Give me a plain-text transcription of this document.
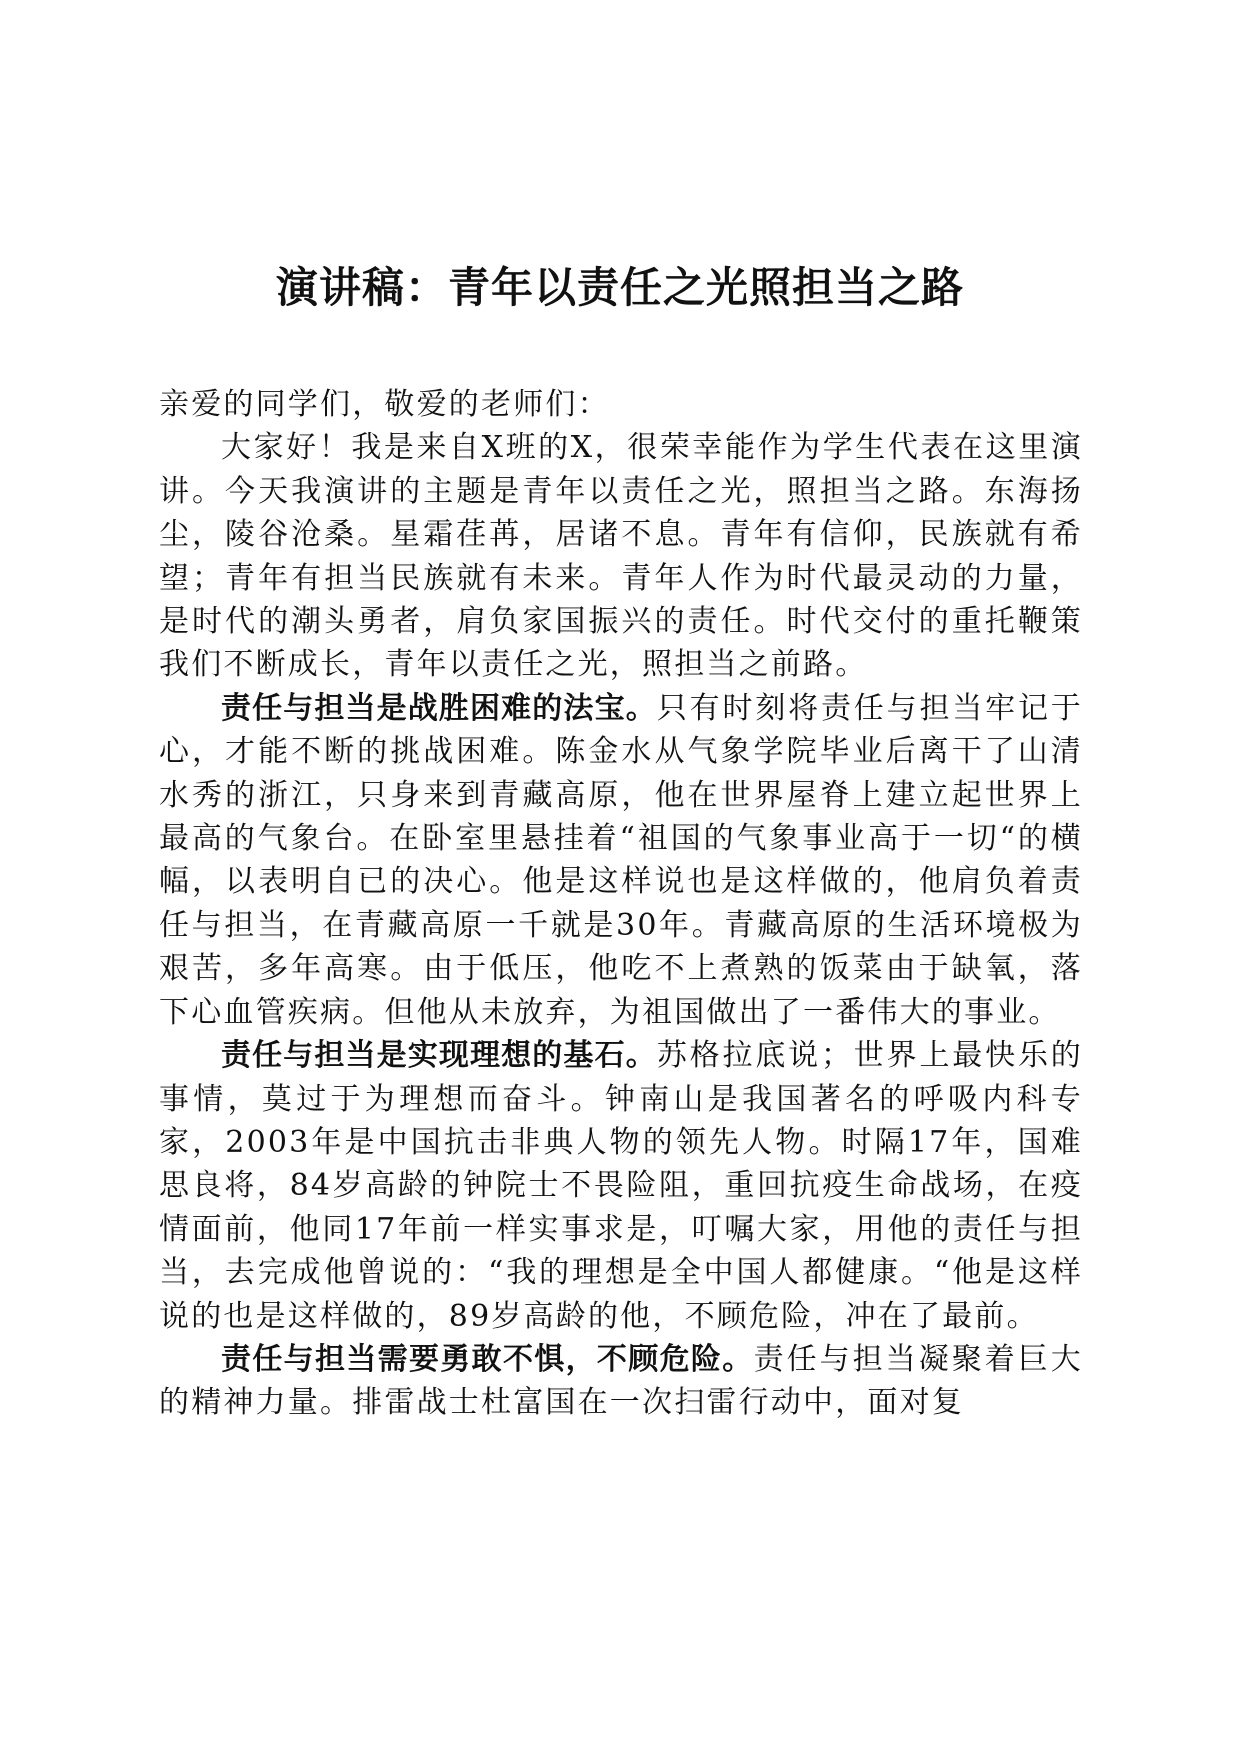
演讲稿：青年以责任之光照担当之路

亲爱的同学们，敬爱的老师们：

大家好！我是来自X班的X，很荣幸能作为学生代表在这里演讲。今天我演讲的主题是青年以责任之光，照担当之路。东海扬尘，陵谷沧桑。星霜荏苒，居诸不息。青年有信仰，民族就有希望；青年有担当民族就有未来。青年人作为时代最灵动的力量，是时代的潮头勇者，肩负家国振兴的责任。时代交付的重托鞭策我们不断成长，青年以责任之光，照担当之前路。

责任与担当是战胜困难的法宝。只有时刻将责任与担当牢记于心，才能不断的挑战困难。陈金水从气象学院毕业后离干了山清水秀的浙江，只身来到青藏高原，他在世界屋脊上建立起世界上最高的气象台。在卧室里悬挂着“祖国的气象事业高于一切“的横幅，以表明自已的决心。他是这样说也是这样做的，他肩负着责任与担当，在青藏高原一千就是30年。青藏高原的生活环境极为艰苦，多年高寒。由于低压，他吃不上煮熟的饭菜由于缺氧，落下心血管疾病。但他从未放弃，为祖国做出了一番伟大的事业。

责任与担当是实现理想的基石。苏格拉底说；世界上最快乐的事情，莫过于为理想而奋斗。钟南山是我国著名的呼吸内科专家，2003年是中国抗击非典人物的领先人物。时隔17年，国难思良将，84岁高龄的钟院士不畏险阻，重回抗疫生命战场，在疫情面前，他同17年前一样实事求是，叮嘱大家，用他的责任与担当，去完成他曾说的：“我的理想是全中国人都健康。“他是这样说的也是这样做的，89岁高龄的他，不顾危险，冲在了最前。

责任与担当需要勇敢不惧，不顾危险。责任与担当凝聚着巨大的精神力量。排雷战士杜富国在一次扫雷行动中，面对复
